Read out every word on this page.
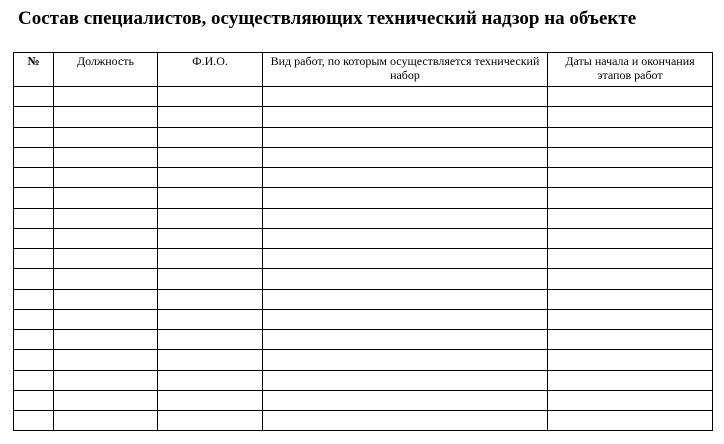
Состав специалистов, осуществляющих технический надзор на объекте
№	Должность	Ф.И.О.	Вид работ, по которым осуществляется технический набор	Даты начала и окончания этапов работ
